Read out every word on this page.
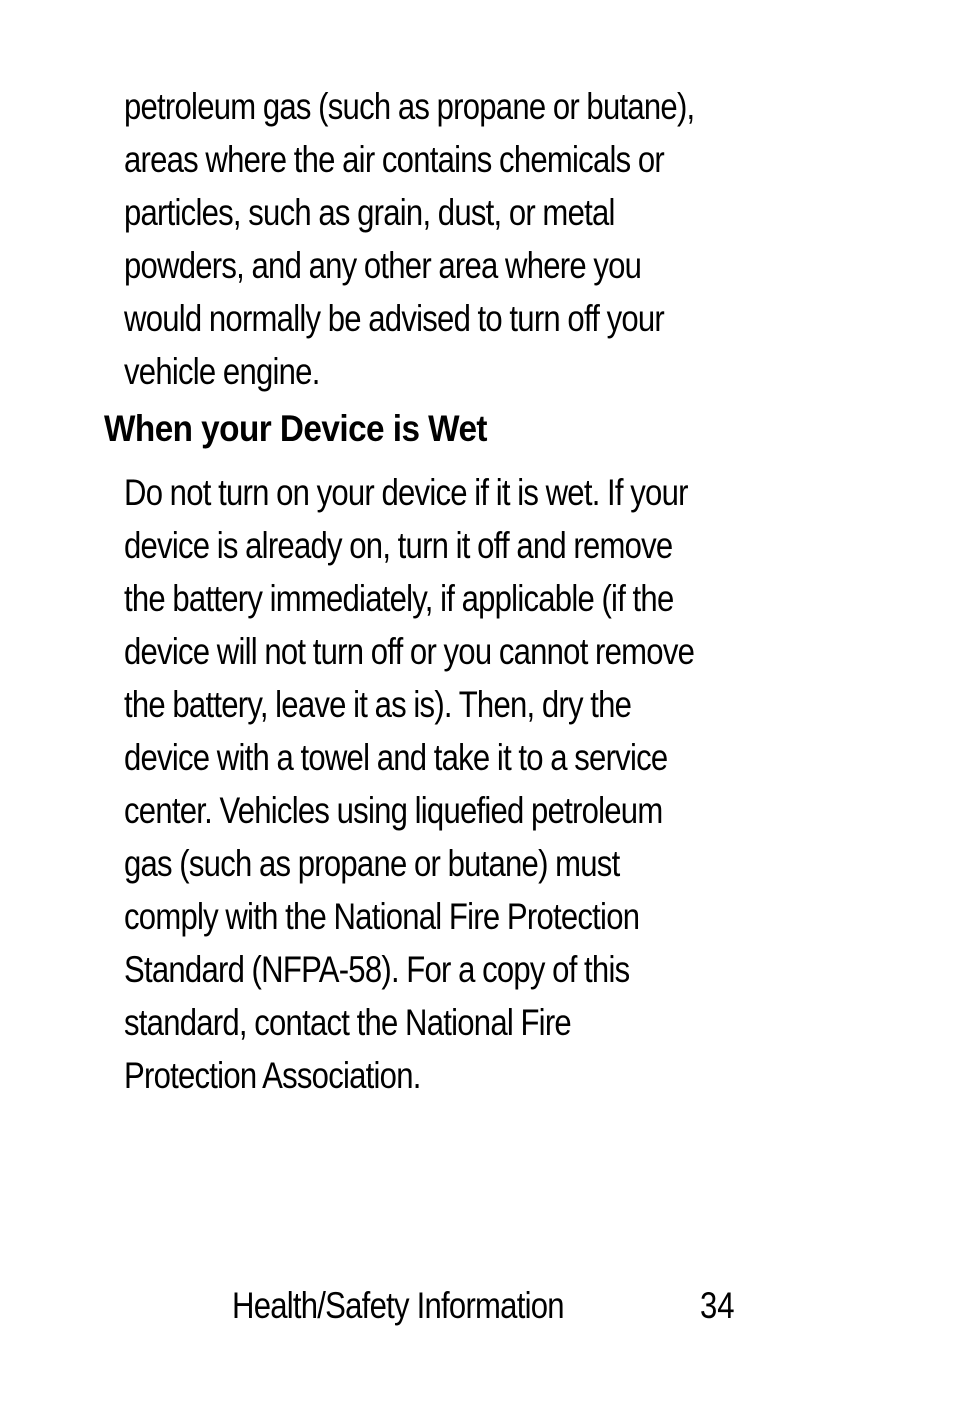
petroleum gas (such as propane or butane),
areas where the air contains chemicals or
particles, such as grain, dust, or metal
powders, and any other area where you
would normally be advised to turn off your
vehicle engine.

When your Device is Wet

Do not turn on your device if it is wet. If your
device is already on, turn it off and remove
the battery immediately, if applicable (if the
device will not turn off or you cannot remove
the battery, leave it as is). Then, dry the
device with a towel and take it to a service
center. Vehicles using liquefied petroleum
gas (such as propane or butane) must
comply with the National Fire Protection
Standard (NFPA-58). For a copy of this
standard, contact the National Fire
Protection Association.

Health/Safety Information	34
